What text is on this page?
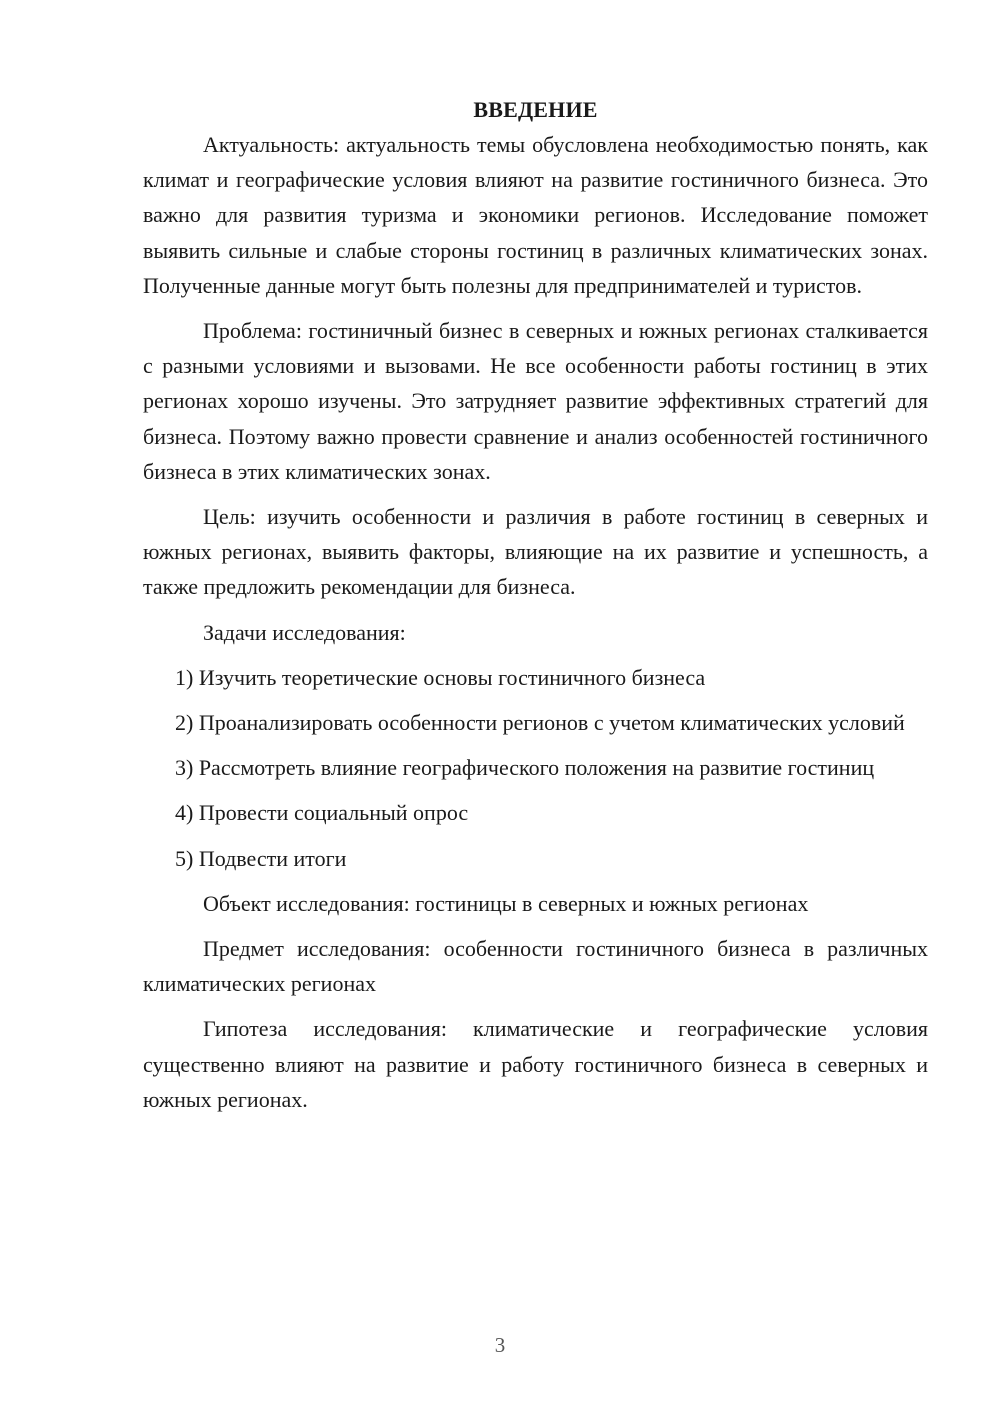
ВВЕДЕНИЕ

Актуальность: актуальность темы обусловлена необходимостью понять, как климат и географические условия влияют на развитие гостиничного бизнеса. Это важно для развития туризма и экономики регионов. Исследование поможет выявить сильные и слабые стороны гостиниц в различных климатических зонах. Полученные данные могут быть полезны для предпринимателей и туристов.

Проблема: гостиничный бизнес в северных и южных регионах сталкивается с разными условиями и вызовами. Не все особенности работы гостиниц в этих регионах хорошо изучены. Это затрудняет развитие эффективных стратегий для бизнеса. Поэтому важно провести сравнение и анализ особенностей гостиничного бизнеса в этих климатических зонах.

Цель: изучить особенности и различия в работе гостиниц в северных и южных регионах, выявить факторы, влияющие на их развитие и успешность, а также предложить рекомендации для бизнеса.

Задачи исследования:

1) Изучить теоретические основы гостиничного бизнеса

2) Проанализировать особенности регионов с учетом климатических условий

3) Рассмотреть влияние географического положения на развитие гостиниц

4) Провести социальный опрос

5) Подвести итоги

Объект исследования: гостиницы в северных и южных регионах

Предмет исследования: особенности гостиничного бизнеса в различных климатических регионах

Гипотеза исследования: климатические и географические условия существенно влияют на развитие и работу гостиничного бизнеса в северных и южных регионах.

3
